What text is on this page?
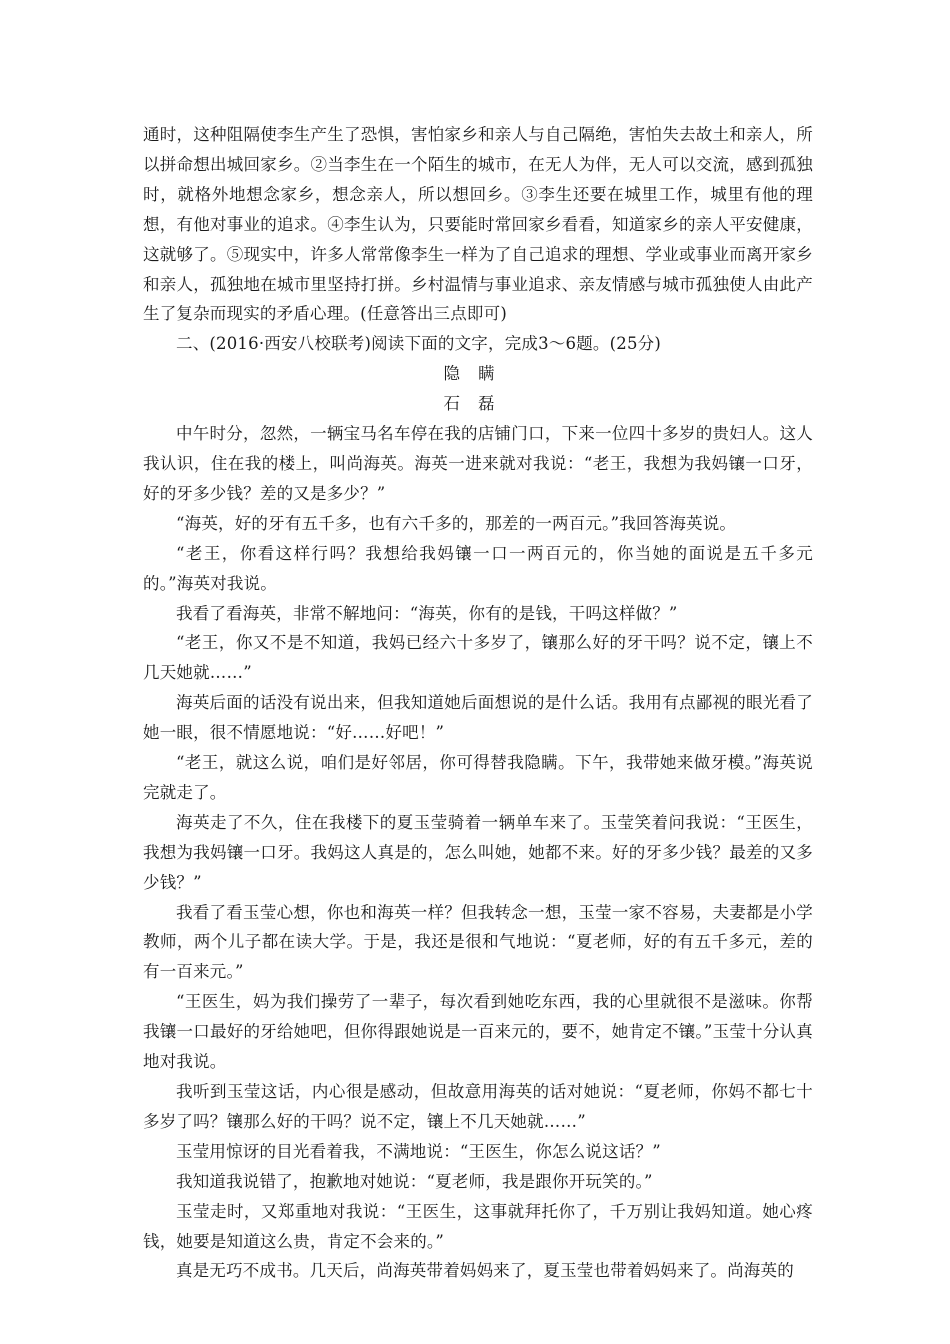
通时，这种阻隔使李生产生了恐惧，害怕家乡和亲人与自己隔绝，害怕失去故土和亲人，所以拼命想出城回家乡。②当李生在一个陌生的城市，在无人为伴，无人可以交流，感到孤独时，就格外地想念家乡，想念亲人，所以想回乡。③李生还要在城里工作，城里有他的理想，有他对事业的追求。④李生认为，只要能时常回家乡看看，知道家乡的亲人平安健康，这就够了。⑤现实中，许多人常常像李生一样为了自己追求的理想、学业或事业而离开家乡和亲人，孤独地在城市里坚持打拼。乡村温情与事业追求、亲友情感与城市孤独使人由此产生了复杂而现实的矛盾心理。(任意答出三点即可)

二、(2016·西安八校联考)阅读下面的文字，完成3～6题。(25分)

隐瞒

石磊

中午时分，忽然，一辆宝马名车停在我的店铺门口，下来一位四十多岁的贵妇人。这人我认识，住在我的楼上，叫尚海英。海英一进来就对我说：“老王，我想为我妈镶一口牙，好的牙多少钱？差的又是多少？”

“海英，好的牙有五千多，也有六千多的，那差的一两百元。”我回答海英说。

“老王，你看这样行吗？我想给我妈镶一口一两百元的，你当她的面说是五千多元的。”海英对我说。

我看了看海英，非常不解地问：“海英，你有的是钱，干吗这样做？”

“老王，你又不是不知道，我妈已经六十多岁了，镶那么好的牙干吗？说不定，镶上不几天她就……”

海英后面的话没有说出来，但我知道她后面想说的是什么话。我用有点鄙视的眼光看了她一眼，很不情愿地说：“好……好吧！”

“老王，就这么说，咱们是好邻居，你可得替我隐瞒。下午，我带她来做牙模。”海英说完就走了。

海英走了不久，住在我楼下的夏玉莹骑着一辆单车来了。玉莹笑着问我说：“王医生，我想为我妈镶一口牙。我妈这人真是的，怎么叫她，她都不来。好的牙多少钱？最差的又多少钱？”

我看了看玉莹心想，你也和海英一样？但我转念一想，玉莹一家不容易，夫妻都是小学教师，两个儿子都在读大学。于是，我还是很和气地说：“夏老师，好的有五千多元，差的有一百来元。”

“王医生，妈为我们操劳了一辈子，每次看到她吃东西，我的心里就很不是滋味。你帮我镶一口最好的牙给她吧，但你得跟她说是一百来元的，要不，她肯定不镶。”玉莹十分认真地对我说。

我听到玉莹这话，内心很是感动，但故意用海英的话对她说：“夏老师，你妈不都七十多岁了吗？镶那么好的干吗？说不定，镶上不几天她就……”

玉莹用惊讶的目光看着我，不满地说：“王医生，你怎么说这话？”

我知道我说错了，抱歉地对她说：“夏老师，我是跟你开玩笑的。”

玉莹走时，又郑重地对我说：“王医生，这事就拜托你了，千万别让我妈知道。她心疼钱，她要是知道这么贵，肯定不会来的。”

真是无巧不成书。几天后，尚海英带着妈妈来了，夏玉莹也带着妈妈来了。尚海英的
